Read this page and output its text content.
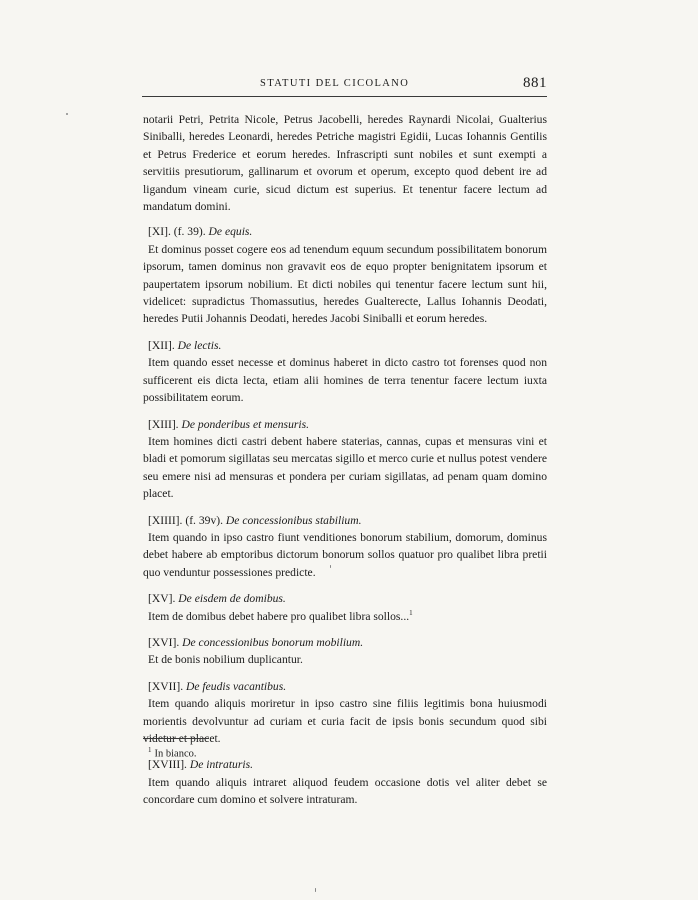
STATUTI DEL CICOLANO	881

notarii Petri, Petrita Nicole, Petrus Jacobelli, heredes Raynardi Nicolai, Gualterius Siniballi, heredes Leonardi, heredes Petriche magistri Egidii, Lucas Iohannis Gentilis et Petrus Frederice et eorum heredes. Infrascripti sunt nobiles et sunt exempti a servitiis presutiorum, gallinarum et ovorum et operum, excepto quod debent ire ad ligandum vineam curie, sicud dictum est superius. Et tenentur facere lectum ad mandatum domini.

[XI]. (f. 39). De equis.

Et dominus posset cogere eos ad tenendum equum secundum possibilitatem bonorum ipsorum, tamen dominus non gravavit eos de equo propter benignitatem ipsorum et paupertatem ipsorum nobilium. Et dicti nobiles qui tenentur facere lectum sunt hii, videlicet: supradictus Thomassutius, heredes Gualterecte, Lallus Iohannis Deodati, heredes Putii Johannis Deodati, heredes Jacobi Siniballi et eorum heredes.

[XII]. De lectis.

Item quando esset necesse et dominus haberet in dicto castro tot forenses quod non sufficerent eis dicta lecta, etiam alii homines de terra tenentur facere lectum iuxta possibilitatem eorum.

[XIII]. De ponderibus et mensuris.

Item homines dicti castri debent habere staterias, cannas, cupas et mensuras vini et bladi et pomorum sigillatas seu mercatas sigillo et merco curie et nullus potest vendere seu emere nisi ad mensuras et pondera per curiam sigillatas, ad penam quam domino placet.

[XIIII]. (f. 39v). De concessionibus stabilium.

Item quando in ipso castro fiunt venditiones bonorum stabilium, domorum, dominus debet habere ab emptoribus dictorum bonorum sollos quatuor pro qualibet libra pretii quo venduntur possessiones predicte.

[XV]. De eisdem de domibus.

Item de domibus debet habere pro qualibet libra sollos...$^1$

[XVI]. De concessionibus bonorum mobilium.

Et de bonis nobilium duplicantur.

[XVII]. De feudis vacantibus.

Item quando aliquis moriretur in ipso castro sine filiis legitimis bona huiusmodi morientis devolvuntur ad curiam et curia facit de ipsis bonis secundum quod sibi videtur et placet.

[XVIII]. De intraturis.

Item quando aliquis intraret aliquod feudem occasione dotis vel aliter debet se concordare cum domino et solvere intraturam.

$^1$ In bianco.
